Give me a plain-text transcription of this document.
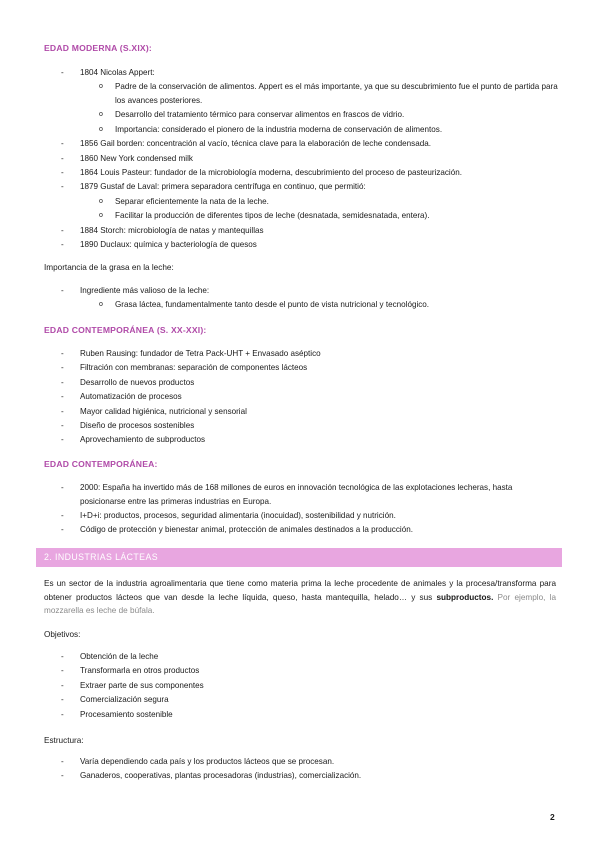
EDAD MODERNA (S.XIX):
- 1804 Nicolas Appert:
o Padre de la conservación de alimentos. Appert es el más importante, ya que su descubrimiento fue el punto de partida para los avances posteriores.
o Desarrollo del tratamiento térmico para conservar alimentos en frascos de vidrio.
o Importancia: considerado el pionero de la industria moderna de conservación de alimentos.
- 1856 Gail borden: concentración al vacío, técnica clave para la elaboración de leche condensada.
- 1860 New York condensed milk
- 1864 Louis Pasteur: fundador de la microbiología moderna, descubrimiento del proceso de pasteurización.
- 1879 Gustaf de Laval: primera separadora centrífuga en continuo, que permitió:
o Separar eficientemente la nata de la leche.
o Facilitar la producción de diferentes tipos de leche (desnatada, semidesnatada, entera).
- 1884 Storch: microbiología de natas y mantequillas
- 1890 Duclaux: química y bacteriología de quesos
Importancia de la grasa en la leche:
- Ingrediente más valioso de la leche:
o Grasa láctea, fundamentalmente tanto desde el punto de vista nutricional y tecnológico.
EDAD CONTEMPORÁNEA (S. XX-XXI):
- Ruben Rausing: fundador de Tetra Pack-UHT + Envasado aséptico
- Filtración con membranas: separación de componentes lácteos
- Desarrollo de nuevos productos
- Automatización de procesos
- Mayor calidad higiénica, nutricional y sensorial
- Diseño de procesos sostenibles
- Aprovechamiento de subproductos
EDAD CONTEMPORÁNEA:
- 2000: España ha invertido más de 168 millones de euros en innovación tecnológica de las explotaciones lecheras, hasta posicionarse entre las primeras industrias en Europa.
- I+D+i: productos, procesos, seguridad alimentaria (inocuidad), sostenibilidad y nutrición.
- Código de protección y bienestar animal, protección de animales destinados a la producción.
2. INDUSTRIAS LÁCTEAS
Es un sector de la industria agroalimentaria que tiene como materia prima la leche procedente de animales y la procesa/transforma para obtener productos lácteos que van desde la leche líquida, queso, hasta mantequilla, helado… y sus subproductos. Por ejemplo, la mozzarella es leche de búfala.
Objetivos:
- Obtención de la leche
- Transformarla en otros productos
- Extraer parte de sus componentes
- Comercialización segura
- Procesamiento sostenible
Estructura:
- Varía dependiendo cada país y los productos lácteos que se procesan.
- Ganaderos, cooperativas, plantas procesadoras (industrias), comercialización.
2
